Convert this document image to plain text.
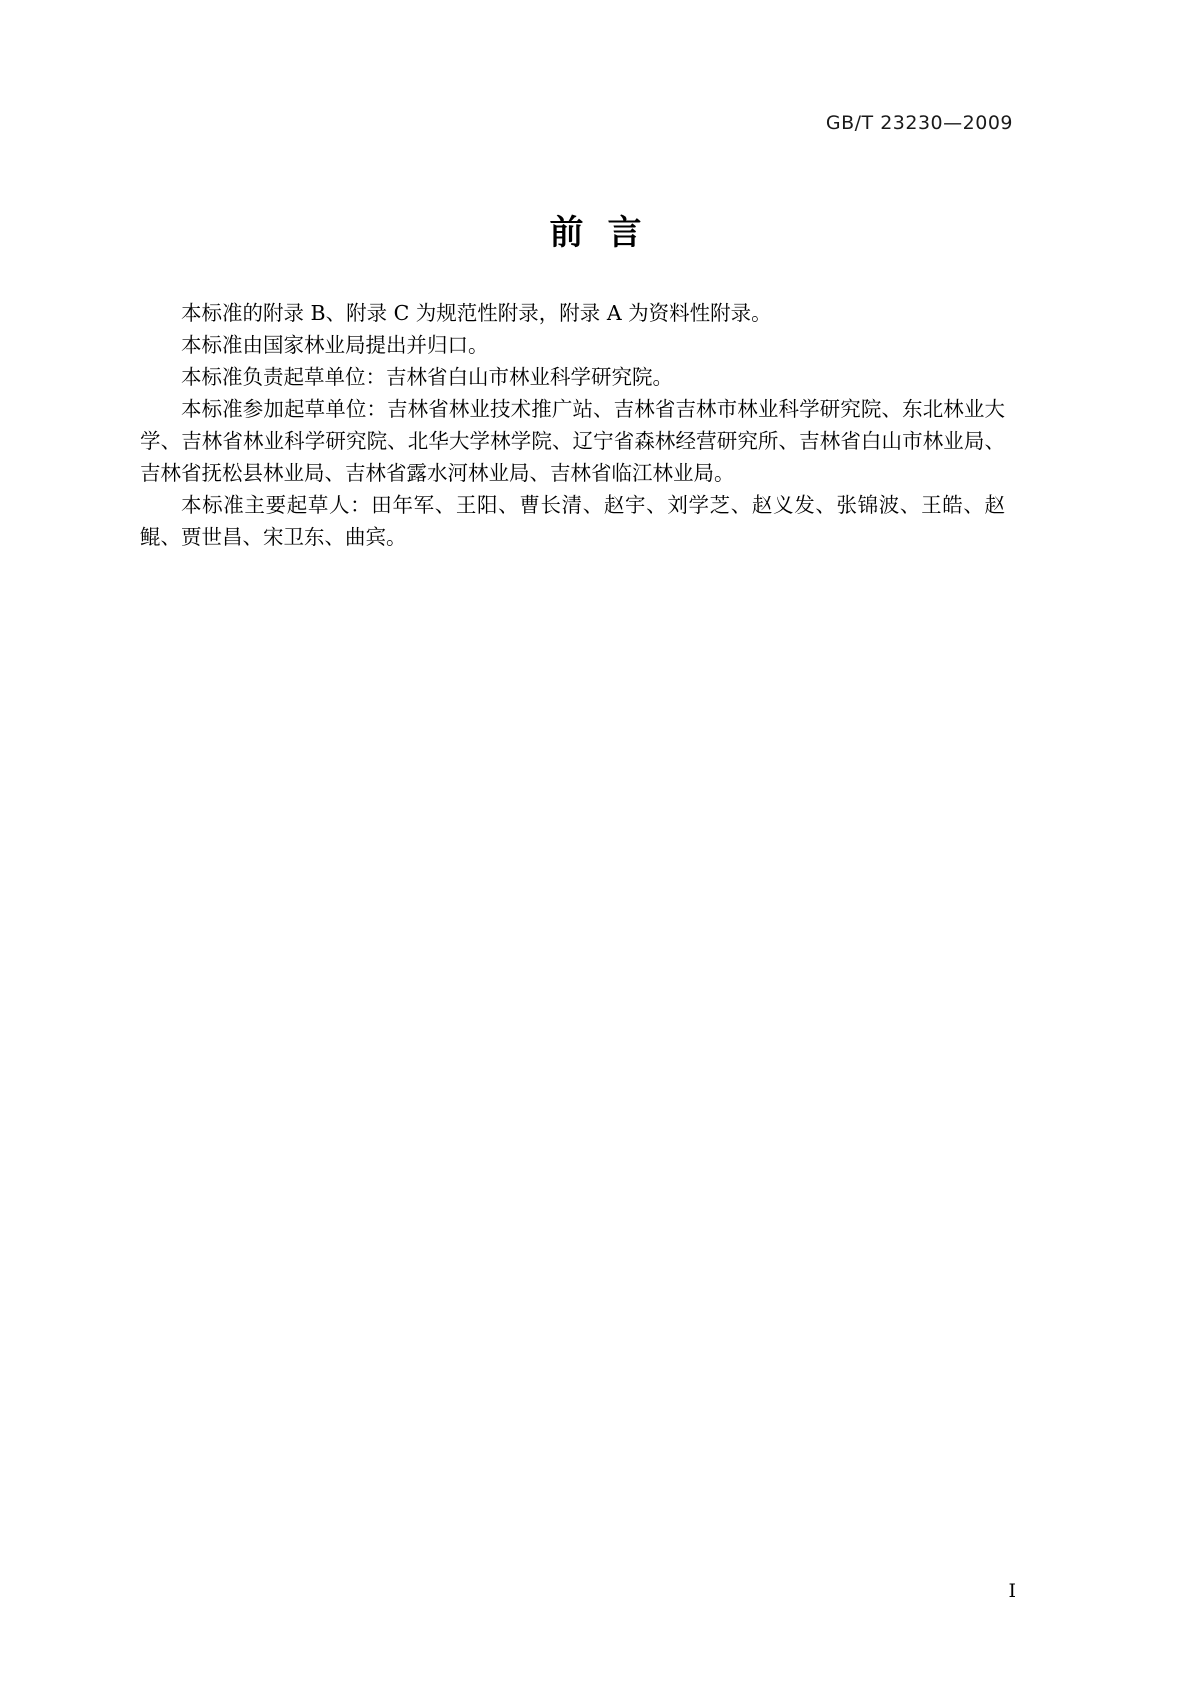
GB/T 23230—2009
前言

本标准的附录 B、附录 C 为规范性附录，附录 A 为资料性附录。

本标准由国家林业局提出并归口。

本标准负责起草单位：吉林省白山市林业科学研究院。

本标准参加起草单位：吉林省林业技术推广站、吉林省吉林市林业科学研究院、东北林业大学、吉林省林业科学研究院、北华大学林学院、辽宁省森林经营研究所、吉林省白山市林业局、吉林省抚松县林业局、吉林省露水河林业局、吉林省临江林业局。

本标准主要起草人：田年军、王阳、曹长清、赵宇、刘学芝、赵义发、张锦波、王皓、赵鲲、贾世昌、宋卫东、曲宾。

I
